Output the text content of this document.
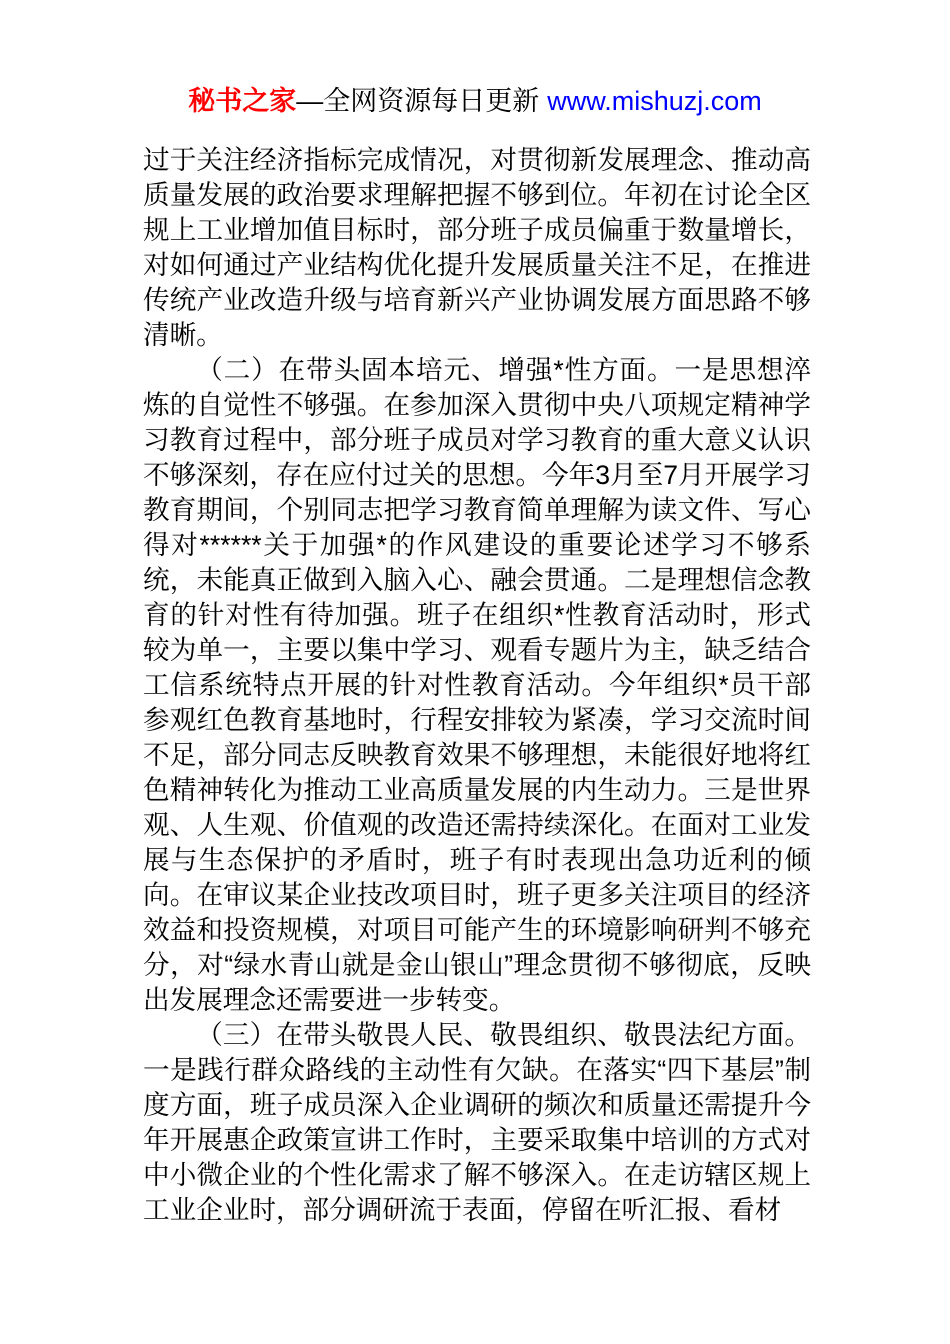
秘书之家—全网资源每日更新 www.mishuzj.com

过于关注经济指标完成情况，对贯彻新发展理念、推动高质量发展的政治要求理解把握不够到位。年初在讨论全区规上工业增加值目标时，部分班子成员偏重于数量增长，对如何通过产业结构优化提升发展质量关注不足，在推进传统产业改造升级与培育新兴产业协调发展方面思路不够清晰。

（二）在带头固本培元、增强*性方面。一是思想淬炼的自觉性不够强。在参加深入贯彻中央八项规定精神学习教育过程中，部分班子成员对学习教育的重大意义认识不够深刻，存在应付过关的思想。今年3月至7月开展学习教育期间，个别同志把学习教育简单理解为读文件、写心得对******关于加强*的作风建设的重要论述学习不够系统，未能真正做到入脑入心、融会贯通。二是理想信念教育的针对性有待加强。班子在组织*性教育活动时，形式较为单一，主要以集中学习、观看专题片为主，缺乏结合工信系统特点开展的针对性教育活动。今年组织*员干部参观红色教育基地时，行程安排较为紧凑，学习交流时间不足，部分同志反映教育效果不够理想，未能很好地将红色精神转化为推动工业高质量发展的内生动力。三是世界观、人生观、价值观的改造还需持续深化。在面对工业发展与生态保护的矛盾时，班子有时表现出急功近利的倾向。在审议某企业技改项目时，班子更多关注项目的经济效益和投资规模，对项目可能产生的环境影响研判不够充分，对“绿水青山就是金山银山”理念贯彻不够彻底，反映出发展理念还需要进一步转变。

（三）在带头敬畏人民、敬畏组织、敬畏法纪方面。一是践行群众路线的主动性有欠缺。在落实“四下基层”制度方面，班子成员深入企业调研的频次和质量还需提升今年开展惠企政策宣讲工作时，主要采取集中培训的方式对中小微企业的个性化需求了解不够深入。在走访辖区规上工业企业时，部分调研流于表面，停留在听汇报、看材
